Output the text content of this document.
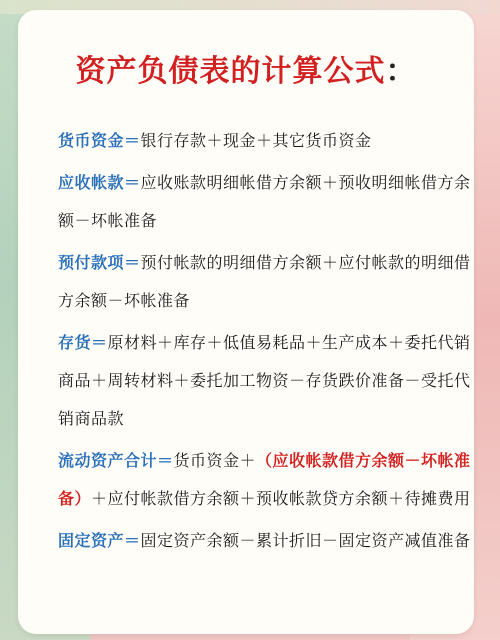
资产负债表的计算公式：
货币资金＝银行存款＋现金＋其它货币资金
应收帐款＝应收账款明细帐借方余额＋预收明细帐借方余额－坏帐准备
预付款项＝预付帐款的明细借方余额＋应付帐款的明细借方余额－坏帐准备
存货＝原材料＋库存＋低值易耗品＋生产成本＋委托代销商品＋周转材料＋委托加工物资－存货跌价准备－受托代销商品款
流动资产合计＝货币资金＋（应收帐款借方余额－坏帐准备）＋应付帐款借方余额＋预收帐款贷方余额＋待摊费用
固定资产＝固定资产余额－累计折旧－固定资产减值准备
